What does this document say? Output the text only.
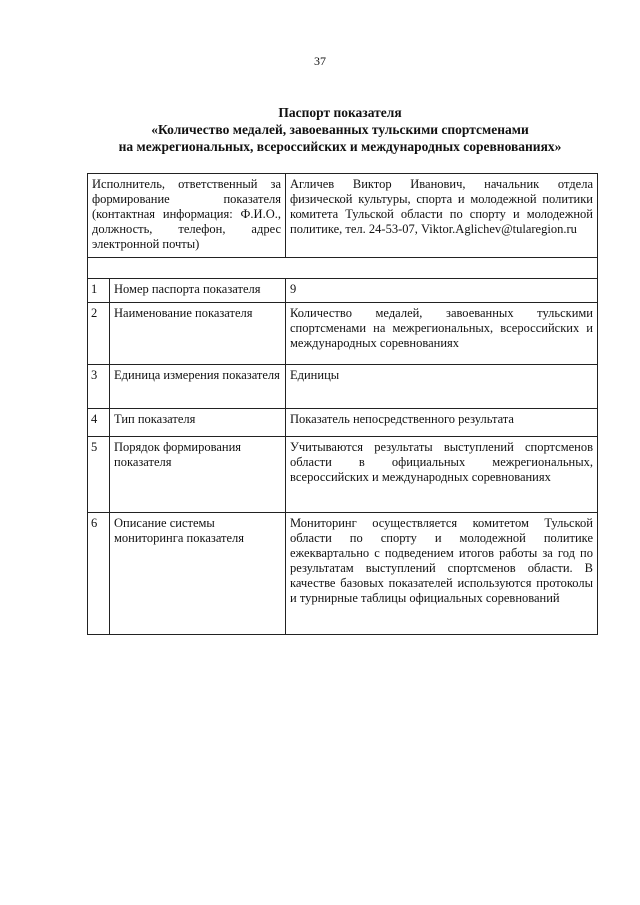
37
Паспорт показателя
«Количество медалей, завоеванных тульскими спортсменами
на межрегиональных, всероссийских и международных соревнованиях»
Исполнитель, ответственный за формирование показателя (контактная информация: Ф.И.О., должность, телефон, адрес электронной почты)		Агличев Виктор Иванович, начальник отдела физической культуры, спорта и молодежной политики комитета Тульской области по спорту и молодежной политике, тел. 24-53-07, Viktor.Aglichev@tularegion.ru

1	Номер паспорта показателя	9
2	Наименование показателя	Количество медалей, завоеванных тульскими спортсменами на межрегиональных, всероссийских и международных соревнованиях
3	Единица измерения показателя	Единицы
4	Тип показателя	Показатель непосредственного результата
5	Порядок формирования показателя	Учитываются результаты выступлений спортсменов области в официальных межрегиональных, всероссийских и международных соревнованиях
6	Описание системы мониторинга показателя	Мониторинг осуществляется комитетом Тульской области по спорту и молодежной политике ежеквартально с подведением итогов работы за год по результатам выступлений спортсменов области. В качестве базовых показателей используются протоколы и турнирные таблицы официальных соревнований
